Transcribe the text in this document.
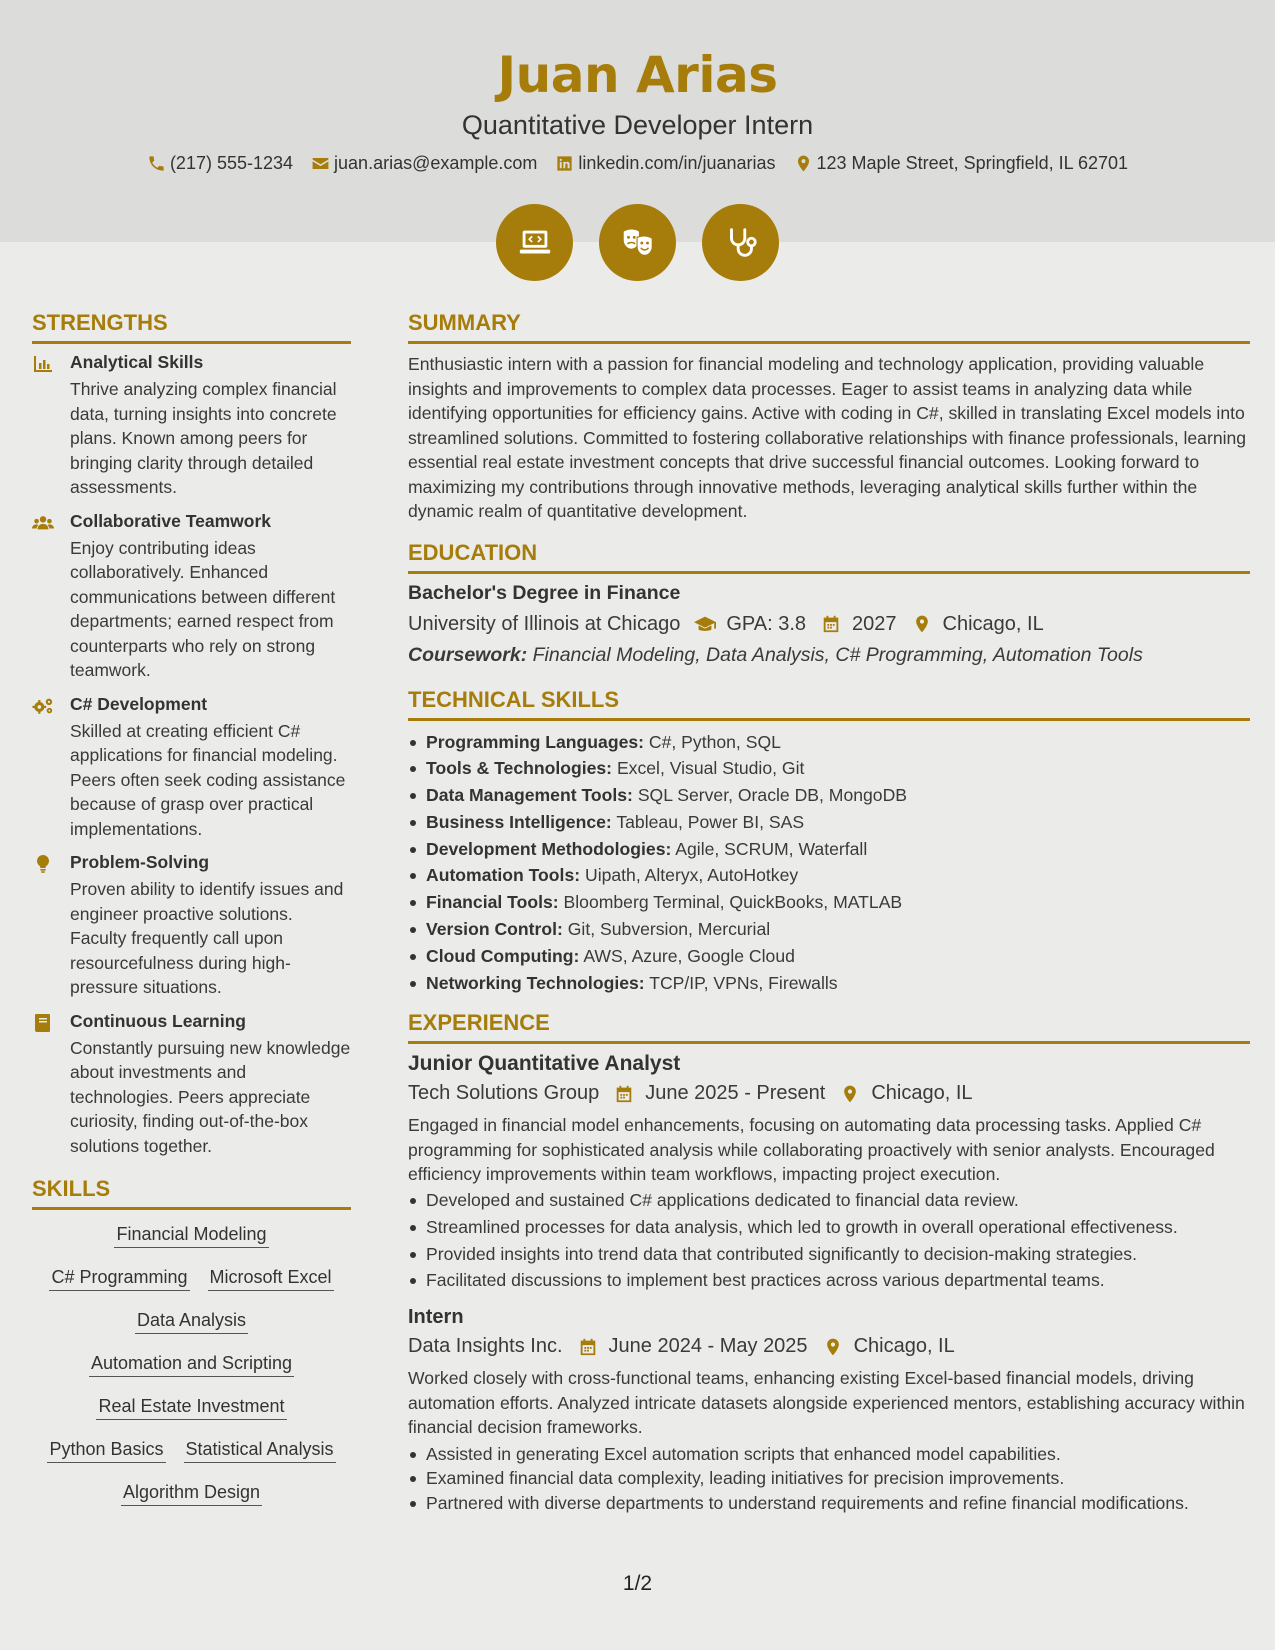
Juan Arias
Quantitative Developer Intern
(217) 555-1234 juan.arias@example.com linkedin.com/in/juanarias 123 Maple Street, Springfield, IL 62701
STRENGTHS
Analytical Skills
Thrive analyzing complex financial data, turning insights into concrete plans. Known among peers for bringing clarity through detailed assessments.
Collaborative Teamwork
Enjoy contributing ideas collaboratively. Enhanced communications between different departments; earned respect from counterparts who rely on strong teamwork.
C# Development
Skilled at creating efficient C# applications for financial modeling. Peers often seek coding assistance because of grasp over practical implementations.
Problem-Solving
Proven ability to identify issues and engineer proactive solutions. Faculty frequently call upon resourcefulness during high-pressure situations.
Continuous Learning
Constantly pursuing new knowledge about investments and technologies. Peers appreciate curiosity, finding out-of-the-box solutions together.
SKILLS
Financial Modeling
C# Programming Microsoft Excel
Data Analysis
Automation and Scripting
Real Estate Investment
Python Basics Statistical Analysis
Algorithm Design
SUMMARY
Enthusiastic intern with a passion for financial modeling and technology application, providing valuable insights and improvements to complex data processes. Eager to assist teams in analyzing data while identifying opportunities for efficiency gains. Active with coding in C#, skilled in translating Excel models into streamlined solutions. Committed to fostering collaborative relationships with finance professionals, learning essential real estate investment concepts that drive successful financial outcomes. Looking forward to maximizing my contributions through innovative methods, leveraging analytical skills further within the dynamic realm of quantitative development.
EDUCATION
Bachelor's Degree in Finance
University of Illinois at Chicago GPA: 3.8 2027 Chicago, IL
Coursework: Financial Modeling, Data Analysis, C# Programming, Automation Tools
TECHNICAL SKILLS
Programming Languages: C#, Python, SQL
Tools & Technologies: Excel, Visual Studio, Git
Data Management Tools: SQL Server, Oracle DB, MongoDB
Business Intelligence: Tableau, Power BI, SAS
Development Methodologies: Agile, SCRUM, Waterfall
Automation Tools: Uipath, Alteryx, AutoHotkey
Financial Tools: Bloomberg Terminal, QuickBooks, MATLAB
Version Control: Git, Subversion, Mercurial
Cloud Computing: AWS, Azure, Google Cloud
Networking Technologies: TCP/IP, VPNs, Firewalls
EXPERIENCE
Junior Quantitative Analyst
Tech Solutions Group June 2025 - Present Chicago, IL
Engaged in financial model enhancements, focusing on automating data processing tasks. Applied C# programming for sophisticated analysis while collaborating proactively with senior analysts. Encouraged efficiency improvements within team workflows, impacting project execution.
Developed and sustained C# applications dedicated to financial data review.
Streamlined processes for data analysis, which led to growth in overall operational effectiveness.
Provided insights into trend data that contributed significantly to decision-making strategies.
Facilitated discussions to implement best practices across various departmental teams.
Intern
Data Insights Inc. June 2024 - May 2025 Chicago, IL
Worked closely with cross-functional teams, enhancing existing Excel-based financial models, driving automation efforts. Analyzed intricate datasets alongside experienced mentors, establishing accuracy within financial decision frameworks.
Assisted in generating Excel automation scripts that enhanced model capabilities.
Examined financial data complexity, leading initiatives for precision improvements.
Partnered with diverse departments to understand requirements and refine financial modifications.
1/2
